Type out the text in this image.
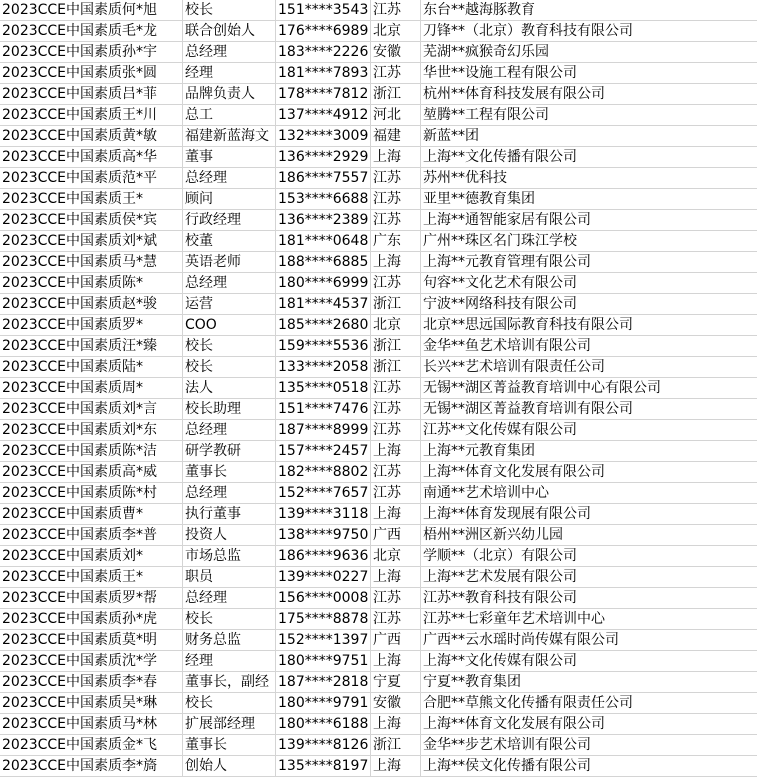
2023CCE中国素质何*旭	校长	151****3543 江苏	东台**越海豚教育
2023CCE中国素质毛*龙	联合创始人	176****6989 北京	刀锋**（北京）教育科技有限公司
2023CCE中国素质孙*宇	总经理	183****2226 安徽	芜湖**疯猴奇幻乐园
2023CCE中国素质张*圆	经理	181****7893 江苏	华世**设施工程有限公司
2023CCE中国素质吕*菲	品牌负责人	178****7812 浙江	杭州**体育科技发展有限公司
2023CCE中国素质王*川	总工	137****4912 河北	堃腾**工程有限公司
2023CCE中国素质黄*敏	福建新蓝海文 132****3009 福建	新蓝**团
2023CCE中国素质高*华	董事	136****2929 上海	上海**文化传播有限公司
2023CCE中国素质范*平	总经理	186****7557 江苏	苏州**优科技
2023CCE中国素质王*	顾问	153****6688 江苏	亚里**德教育集团
2023CCE中国素质侯*宾	行政经理	136****2389 江苏	上海**通智能家居有限公司
2023CCE中国素质刘*斌	校董	181****0648 广东	广州**珠区名门珠江学校
2023CCE中国素质马*慧	英语老师	188****6885 上海	上海**元教育管理有限公司
2023CCE中国素质陈*	总经理	180****6999 江苏	句容**文化艺术有限公司
2023CCE中国素质赵*骏	运营	181****4537 浙江	宁波**网络科技有限公司
2023CCE中国素质罗*	COO	185****2680 北京	北京**思远国际教育科技有限公司
2023CCE中国素质汪*臻	校长	159****5536 浙江	金华**鱼艺术培训有限公司
2023CCE中国素质陆*	校长	133****2058 浙江	长兴**艺术培训有限责任公司
2023CCE中国素质周*	法人	135****0518 江苏	无锡**湖区菁益教育培训中心有限公司
2023CCE中国素质刘*言	校长助理	151****7476 江苏	无锡**湖区菁益教育培训有限公司
2023CCE中国素质刘*东	总经理	187****8999 江苏	江苏**文化传媒有限公司
2023CCE中国素质陈*洁	研学教研	157****2457 上海	上海**元教育集团
2023CCE中国素质高*威	董事长	182****8802 江苏	上海**体育文化发展有限公司
2023CCE中国素质陈*村	总经理	152****7657 江苏	南通**艺术培训中心
2023CCE中国素质曹*	执行董事	139****3118 上海	上海**体育发现展有限公司
2023CCE中国素质李*普	投资人	138****9750 广西	梧州**洲区新兴幼儿园
2023CCE中国素质刘*	市场总监	186****9636 北京	学顺**（北京）有限公司
2023CCE中国素质王*	职员	139****0227 上海	上海**艺术发展有限公司
2023CCE中国素质罗*帮	总经理	156****0008 江苏	江苏**教育科技有限公司
2023CCE中国素质孙*虎	校长	175****8878 江苏	江苏**七彩童年艺术培训中心
2023CCE中国素质莫*明	财务总监	152****1397 广西	广西**云水瑶时尚传媒有限公司
2023CCE中国素质沈*学	经理	180****9751 上海	上海**文化传媒有限公司
2023CCE中国素质李*春	董事长，副经 187****2818 宁夏	宁夏**教育集团
2023CCE中国素质吴*琳	校长	180****9791 安徽	合肥**草熊文化传播有限责任公司
2023CCE中国素质马*林	扩展部经理	180****6188 上海	上海**体育文化发展有限公司
2023CCE中国素质金*飞	董事长	139****8126 浙江	金华**步艺术培训有限公司
2023CCE中国素质李*旖	创始人	135****8197 上海	上海**侯文化传播有限公司
